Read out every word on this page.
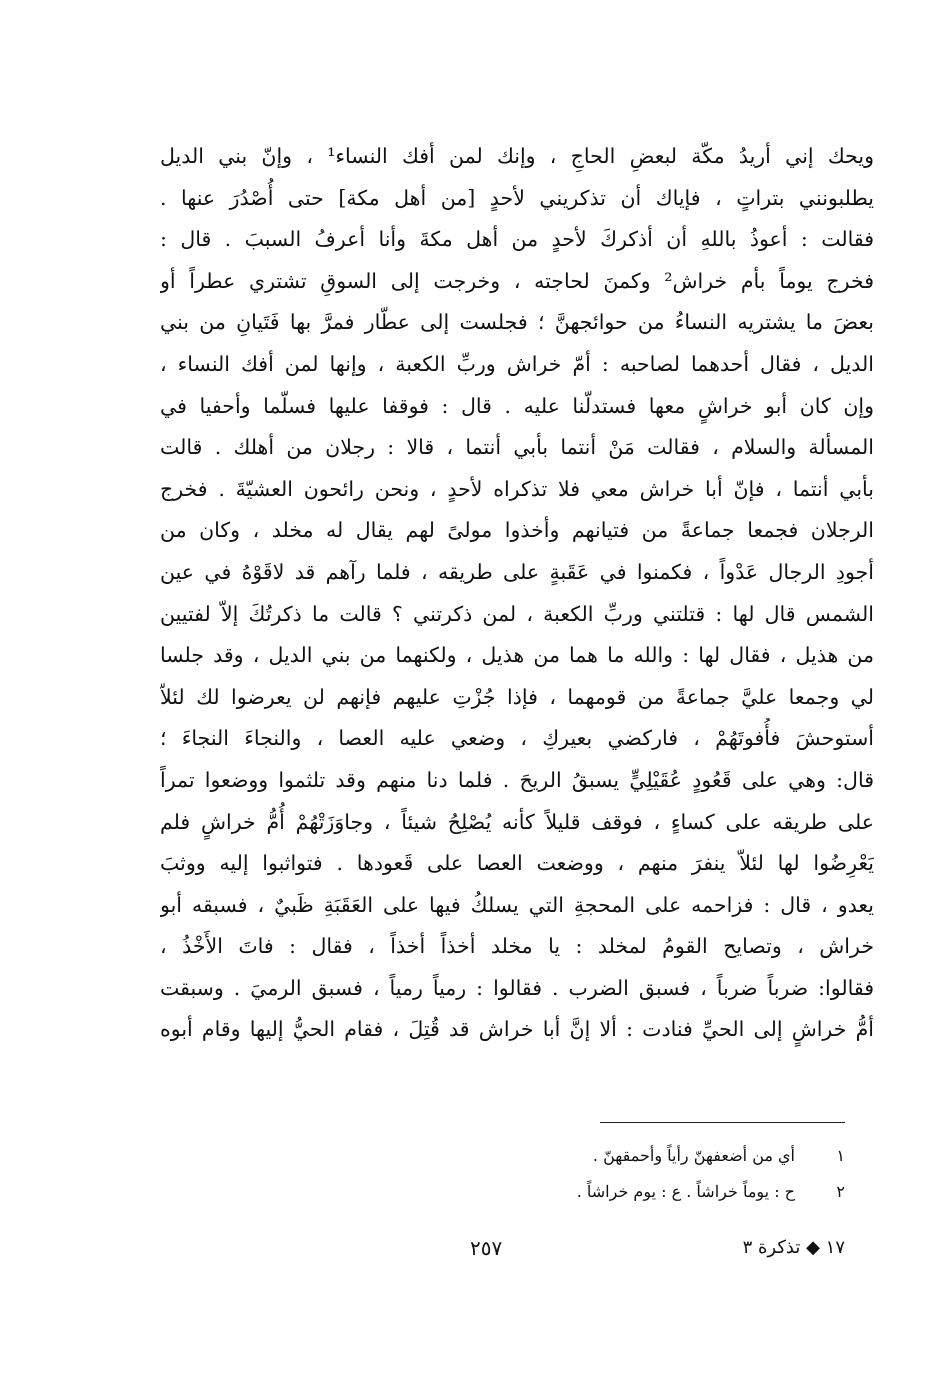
ويحك إني أريدُ مكّة لبعضِ الحاجِ ، وإنك لمن أفك النساء¹ ، وإنّ بني الديل
يطلبونني بتراتٍ ، فإياك أن تذكريني لأحدٍ [من أهل مكة] حتى أُصْدُرَ عنها .
فقالت : أعوذُ باللهِ أن أذكركَ لأحدٍ من أهل مكةَ وأنا أعرفُ السببَ . قال :
فخرج يوماً بأم خراش² وكمنَ لحاجته ، وخرجت إلى السوقِ تشتري عطراً أو
بعضَ ما يشتريه النساءُ من حوائجهنَّ ؛ فجلست إلى عطّار فمرَّ بها فَتَيانِ من بني
الديل ، فقال أحدهما لصاحبه : أمّ خراش وربِّ الكعبة ، وإنها لمن أفك النساء ،
وإن كان أبو خراشٍ معها فستدلّنا عليه . قال : فوقفا عليها فسلّما وأحفيا في
المسألة والسلام ، فقالت مَنْ أنتما بأبي أنتما ، قالا : رجلان من أهلك . قالت
بأبي أنتما ، فإنّ أبا خراش معي فلا تذكراه لأحدٍ ، ونحن رائحون العشيّةَ . فخرج
الرجلان فجمعا جماعةً من فتيانهم وأخذوا مولىً لهم يقال له مخلد ، وكان من
أجودِ الرجال عَدْواً ، فكمنوا في عَقَبةٍ على طريقه ، فلما رآهم قد لاقَوْهُ في عين
الشمس قال لها : قتلتني وربِّ الكعبة ، لمن ذكرتني ؟ قالت ما ذكرتُكَ إلاّ لفتيين
من هذيل ، فقال لها : والله ما هما من هذيل ، ولكنهما من بني الديل ، وقد جلسا
لي وجمعا عليَّ جماعةً من قومهما ، فإذا جُزْتِ عليهم فإنهم لن يعرضوا لك لئلاّ
أستوحشَ فأُفوتَهُمْ ، فاركضي بعيركِ ، وضعي عليه العصا ، والنجاءَ النجاءَ ؛
قال: وهي على قَعُودٍ عُقَيْلِيٍّ يسبقُ الريحَ . فلما دنا منهم وقد تلثموا ووضعوا تمراً
على طريقه على كساءٍ ، فوقف قليلاً كأنه يُصْلِحُ شيئاً ، وجاوَزَتْهُمْ أُمُّ خراشٍ فلم
يَعْرِضُوا لها لئلاّ ينفرَ منهم ، ووضعت العصا على قَعودها . فتواثبوا إليه ووثبَ
يعدو ، قال : فزاحمه على المحجةِ التي يسلكُ فيها على العَقَبَةِ ظَبيٌ ، فسبقه أبو
خراش ، وتصايح القومُ لمخلد : يا مخلد أخذاً أخذاً ، فقال : فاتَ الأَخْذُ ،
فقالوا: ضرباً ضرباً ، فسبق الضرب . فقالوا : رمياً رمياً ، فسبق الرميَ . وسبقت
أمُّ خراشٍ إلى الحيِّ فنادت : ألا إنَّ أبا خراش قد قُتِلَ ، فقام الحيُّ إليها وقام أبوه
١
أي من أضعفهنّ رأياً وأحمقهنّ .
٢
ح : يوماً خراشاً . ع : يوم خراشاً .
٢٥٧	١٧ ◆ تذكرة ٣
